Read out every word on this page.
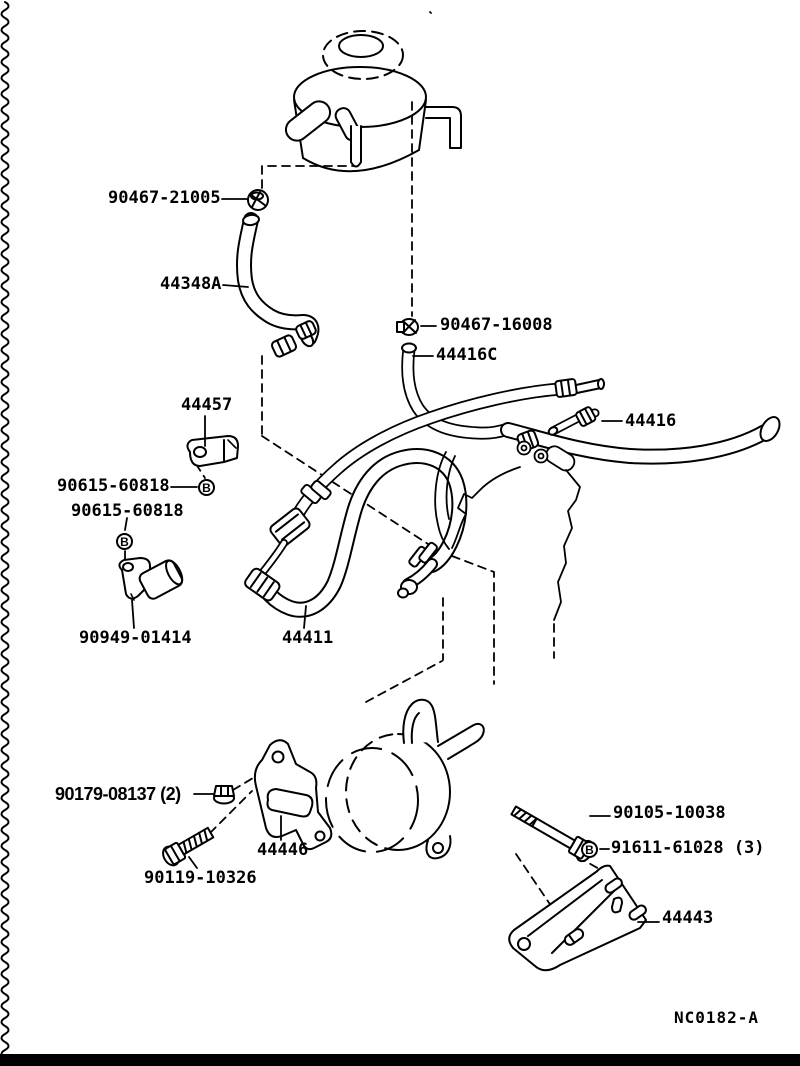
90467-21005
44348A
90467-16008
44416C
44457
90615-60818
90615-60818
44416
90949-01414	44411
90179-08137 (2)
44446
90119-10326
90105-10038
91611-61028 (3)
44443
B
B
B
NC0182-A
